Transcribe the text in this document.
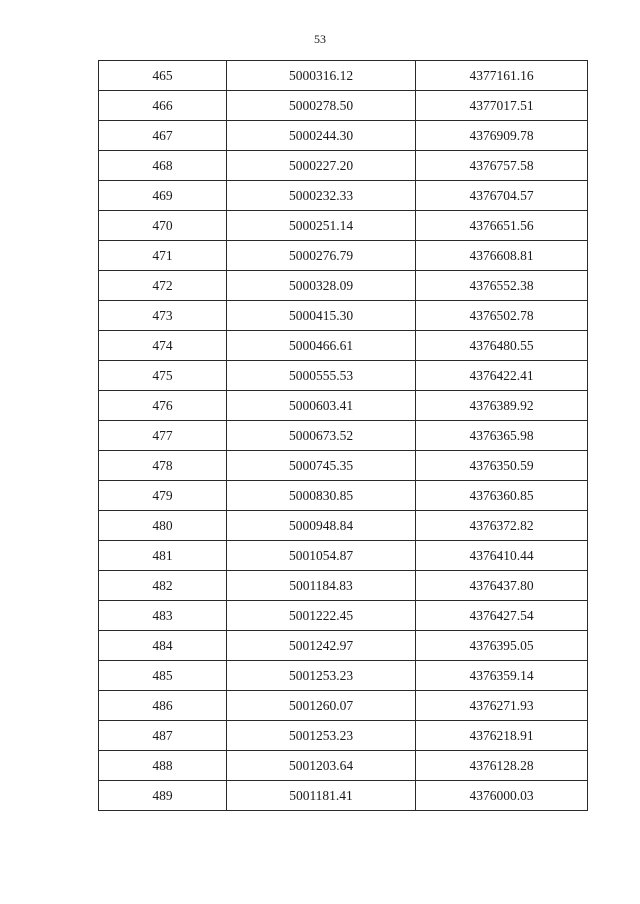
53
465	5000316.12	4377161.16
466	5000278.50	4377017.51
467	5000244.30	4376909.78
468	5000227.20	4376757.58
469	5000232.33	4376704.57
470	5000251.14	4376651.56
471	5000276.79	4376608.81
472	5000328.09	4376552.38
473	5000415.30	4376502.78
474	5000466.61	4376480.55
475	5000555.53	4376422.41
476	5000603.41	4376389.92
477	5000673.52	4376365.98
478	5000745.35	4376350.59
479	5000830.85	4376360.85
480	5000948.84	4376372.82
481	5001054.87	4376410.44
482	5001184.83	4376437.80
483	5001222.45	4376427.54
484	5001242.97	4376395.05
485	5001253.23	4376359.14
486	5001260.07	4376271.93
487	5001253.23	4376218.91
488	5001203.64	4376128.28
489	5001181.41	4376000.03
